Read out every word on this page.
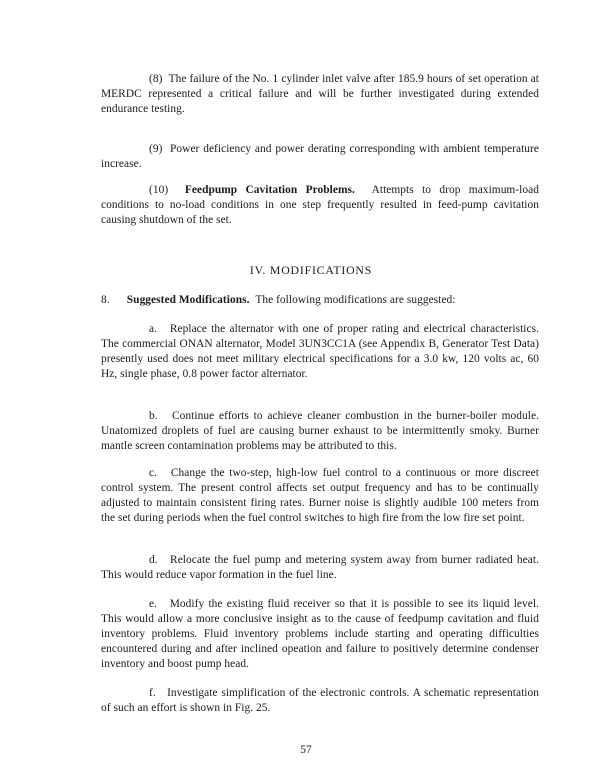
(8) The failure of the No. 1 cylinder inlet valve after 185.9 hours of set operation at MERDC represented a critical failure and will be further investigated during extended endurance testing.

(9) Power deficiency and power derating corresponding with ambient temperature increase.

(10) Feedpump Cavitation Problems. Attempts to drop maximum-load conditions to no-load conditions in one step frequently resulted in feed-pump cavitation causing shutdown of the set.

IV. MODIFICATIONS

8. Suggested Modifications. The following modifications are suggested:

a. Replace the alternator with one of proper rating and electrical characteristics. The commercial ONAN alternator, Model 3UN3CC1A (see Appendix B, Generator Test Data) presently used does not meet military electrical specifications for a 3.0 kw, 120 volts ac, 60 Hz, single phase, 0.8 power factor alternator.

b. Continue efforts to achieve cleaner combustion in the burner-boiler module. Unatomized droplets of fuel are causing burner exhaust to be intermittently smoky. Burner mantle screen contamination problems may be attributed to this.

c. Change the two-step, high-low fuel control to a continuous or more discreet control system. The present control affects set output frequency and has to be continually adjusted to maintain consistent firing rates. Burner noise is slightly audible 100 meters from the set during periods when the fuel control switches to high fire from the low fire set point.

d. Relocate the fuel pump and metering system away from burner radiated heat. This would reduce vapor formation in the fuel line.

e. Modify the existing fluid receiver so that it is possible to see its liquid level. This would allow a more conclusive insight as to the cause of feedpump cavitation and fluid inventory problems. Fluid inventory problems include starting and operating difficulties encountered during and after inclined opeation and failure to positively determine condenser inventory and boost pump head.

f. Investigate simplification of the electronic controls. A schematic representation of such an effort is shown in Fig. 25.

57
